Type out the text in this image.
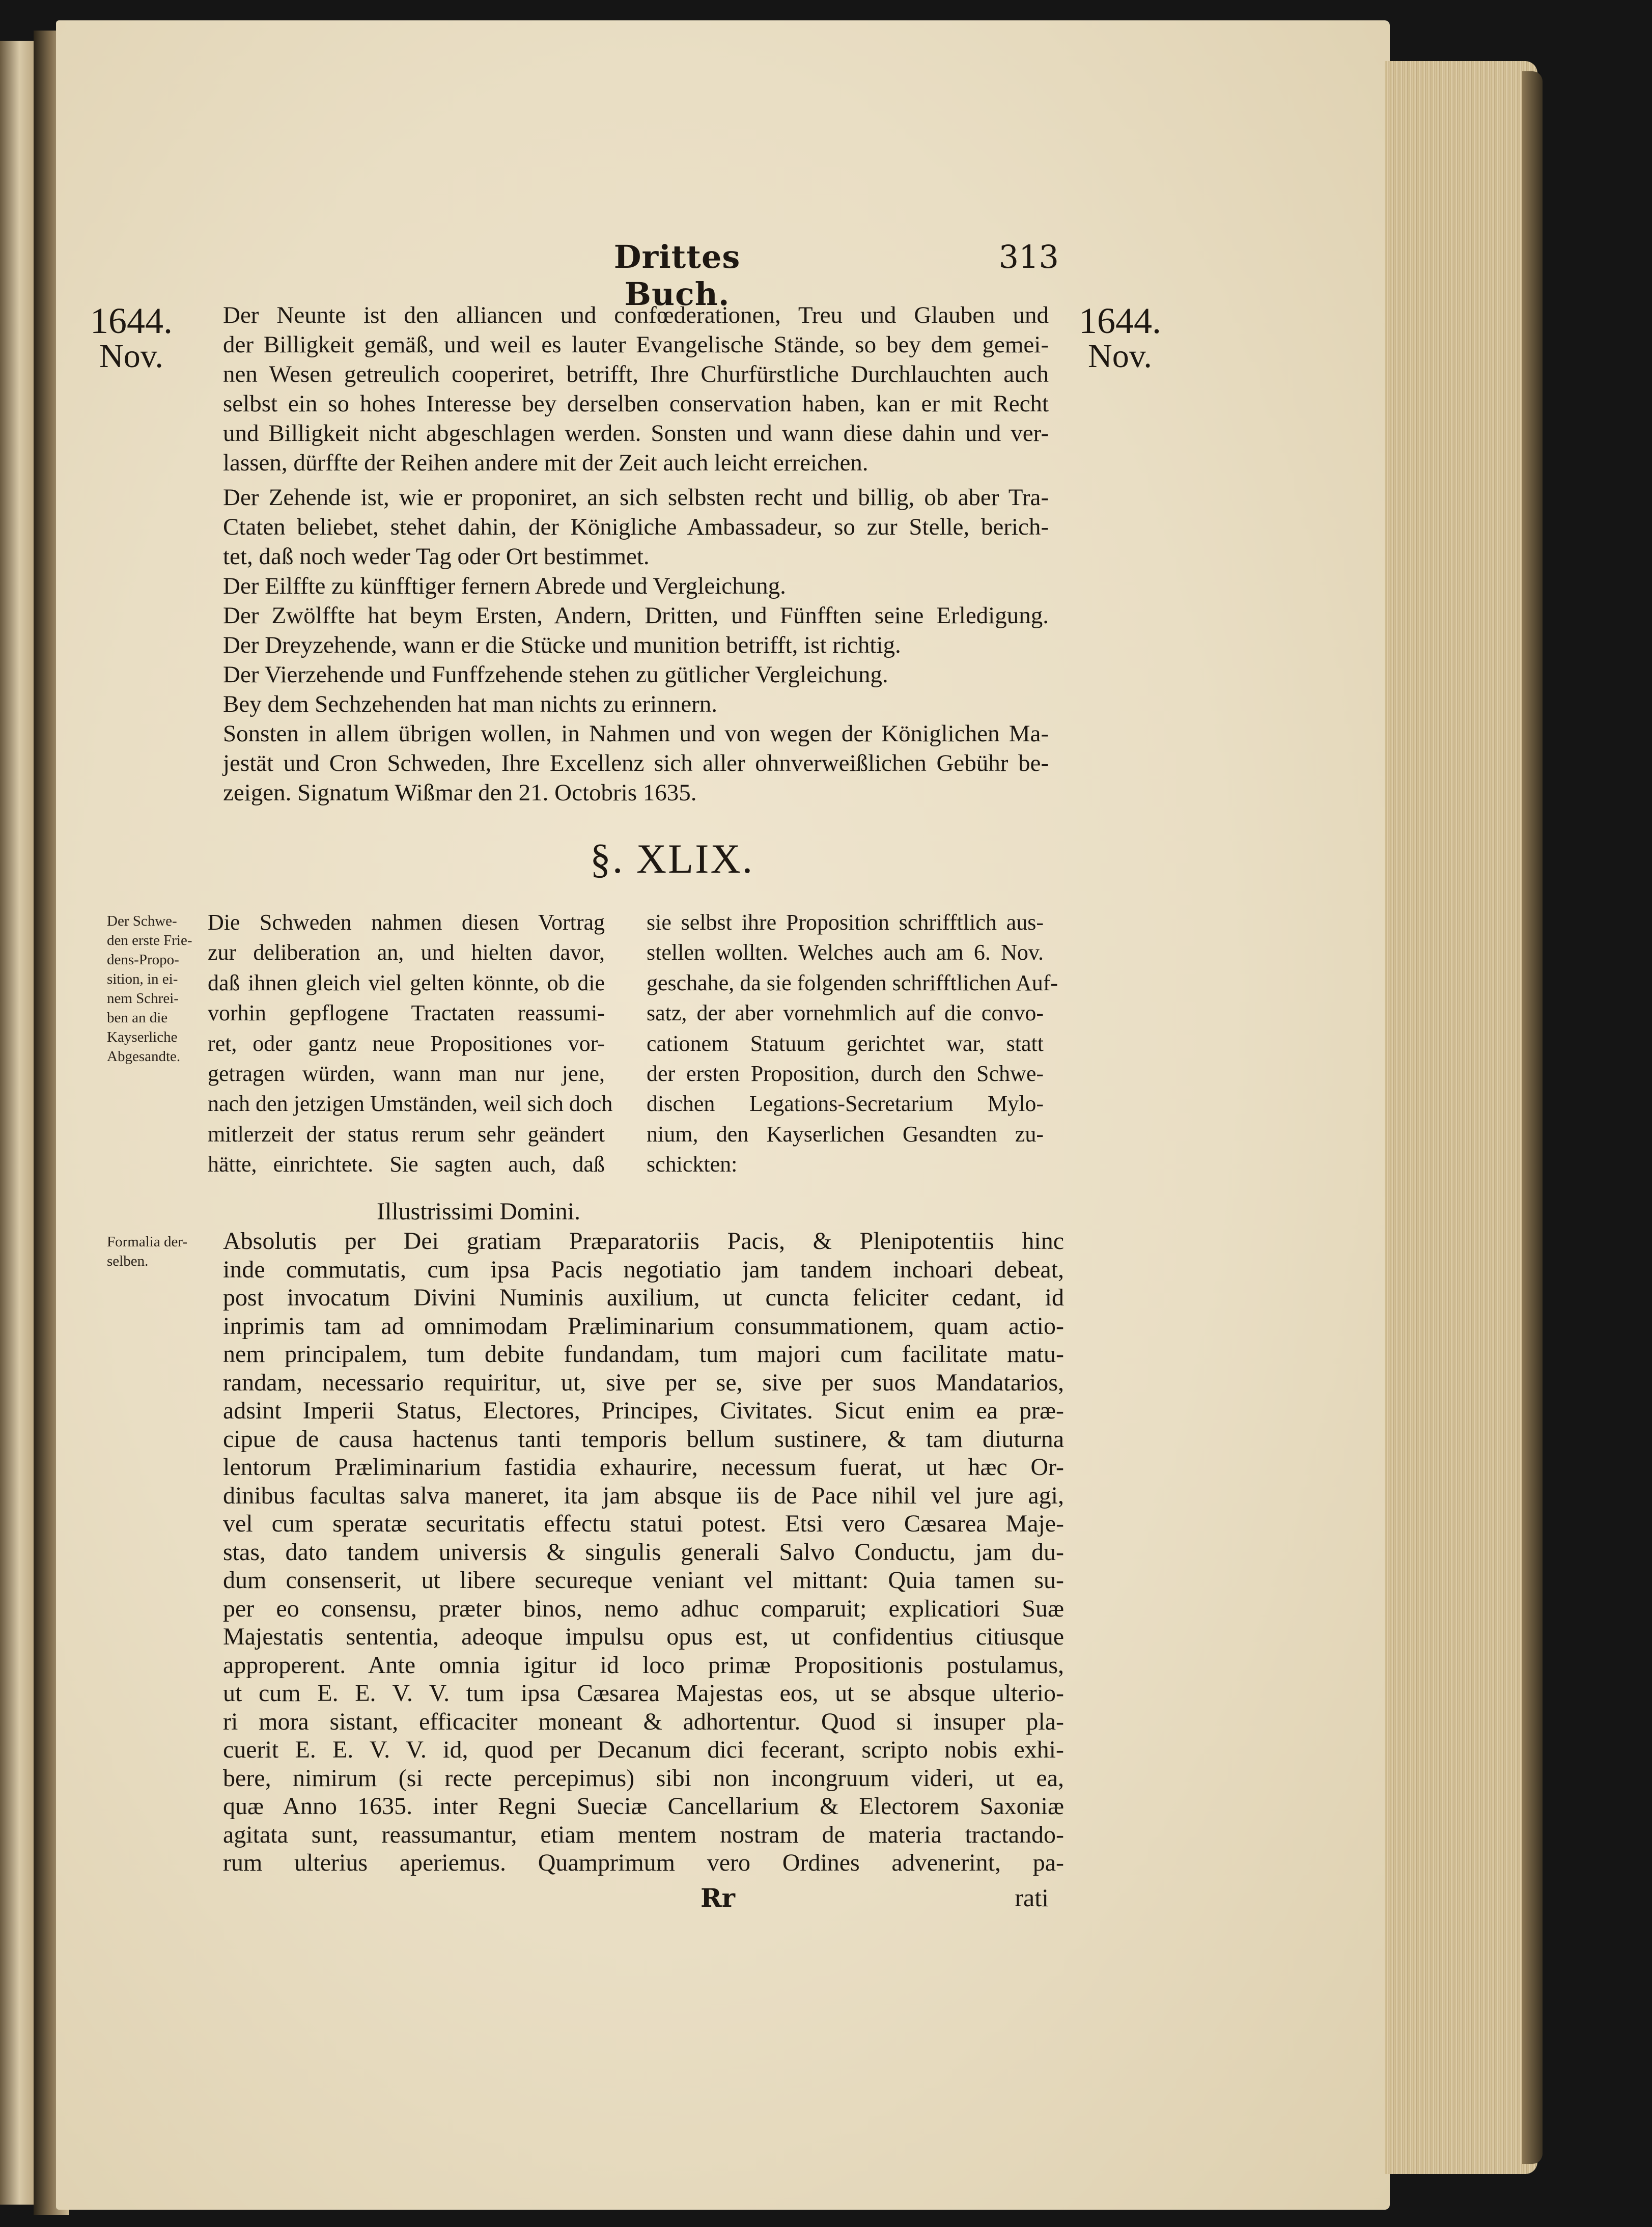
Drittes Buch.
313
1644.
Nov.
1644.
Nov.
Der Neunte ist den alliancen und confœderationen, Treu und Glauben und
der Billigkeit gemäß, und weil es lauter Evangelische Stände, so bey dem gemei-
nen Wesen getreulich cooperiret, betrifft, Ihre Churfürstliche Durchlauchten auch
selbst ein so hohes Interesse bey derselben conservation haben, kan er mit Recht
und Billigkeit nicht abgeschlagen werden. Sonsten und wann diese dahin und ver-
lassen, dürffte der Reihen andere mit der Zeit auch leicht erreichen.
Der Zehende ist, wie er proponiret, an sich selbsten recht und billig, ob aber Tra-
Ctaten beliebet, stehet dahin, der Königliche Ambassadeur, so zur Stelle, berich-
tet, daß noch weder Tag oder Ort bestimmet.
Der Eilffte zu künfftiger fernern Abrede und Vergleichung.
Der Zwölffte hat beym Ersten, Andern, Dritten, und Fünfften seine Erledigung.
Der Dreyzehende, wann er die Stücke und munition betrifft, ist richtig.
Der Vierzehende und Funffzehende stehen zu gütlicher Vergleichung.
Bey dem Sechzehenden hat man nichts zu erinnern.
Sonsten in allem übrigen wollen, in Nahmen und von wegen der Königlichen Ma-
jestät und Cron Schweden, Ihre Excellenz sich aller ohnverweißlichen Gebühr be-
zeigen. Signatum Wißmar den 21. Octobris 1635.
§. XLIX.
Der Schwe-
den erste Frie-
dens-Propo-
sition, in ei-
nem Schrei-
ben an die
Kayserliche
Abgesandte.
Die Schweden nahmen diesen Vortrag
zur deliberation an, und hielten davor,
daß ihnen gleich viel gelten könnte, ob die
vorhin gepflogene Tractaten reassumi-
ret, oder gantz neue Propositiones vor-
getragen würden, wann man nur jene,
nach den jetzigen Umständen, weil sich doch
mitlerzeit der status rerum sehr geändert
hätte, einrichtete. Sie sagten auch, daß
sie selbst ihre Proposition schrifftlich aus-
stellen wollten. Welches auch am 6. Nov.
geschahe, da sie folgenden schrifftlichen Auf-
satz, der aber vornehmlich auf die convo-
cationem Statuum gerichtet war, statt
der ersten Proposition, durch den Schwe-
dischen Legations-Secretarium Mylo-
nium, den Kayserlichen Gesandten zu-
schickten:
Illustrissimi Domini.
Formalia der-
selben.
Absolutis per Dei gratiam Præparatoriis Pacis, & Plenipotentiis hinc
inde commutatis, cum ipsa Pacis negotiatio jam tandem inchoari debeat,
post invocatum Divini Numinis auxilium, ut cuncta feliciter cedant, id
inprimis tam ad omnimodam Præliminarium consummationem, quam actio-
nem principalem, tum debite fundandam, tum majori cum facilitate matu-
randam, necessario requiritur, ut, sive per se, sive per suos Mandatarios,
adsint Imperii Status, Electores, Principes, Civitates. Sicut enim ea præ-
cipue de causa hactenus tanti temporis bellum sustinere, & tam diuturna
lentorum Præliminarium fastidia exhaurire, necessum fuerat, ut hæc Or-
dinibus facultas salva maneret, ita jam absque iis de Pace nihil vel jure agi,
vel cum speratæ securitatis effectu statui potest. Etsi vero Cæsarea Maje-
stas, dato tandem universis & singulis generali Salvo Conductu, jam du-
dum consenserit, ut libere secureque veniant vel mittant: Quia tamen su-
per eo consensu, præter binos, nemo adhuc comparuit; explicatiori Suæ
Majestatis sententia, adeoque impulsu opus est, ut confidentius citiusque
approperent. Ante omnia igitur id loco primæ Propositionis postulamus,
ut cum E. E. V. V. tum ipsa Cæsarea Majestas eos, ut se absque ulterio-
ri mora sistant, efficaciter moneant & adhortentur. Quod si insuper pla-
cuerit E. E. V. V. id, quod per Decanum dici fecerant, scripto nobis exhi-
bere, nimirum (si recte percepimus) sibi non incongruum videri, ut ea,
quæ Anno 1635. inter Regni Sueciæ Cancellarium & Electorem Saxoniæ
agitata sunt, reassumantur, etiam mentem nostram de materia tractando-
rum ulterius aperiemus. Quamprimum vero Ordines advenerint, pa-
Rr	rati
